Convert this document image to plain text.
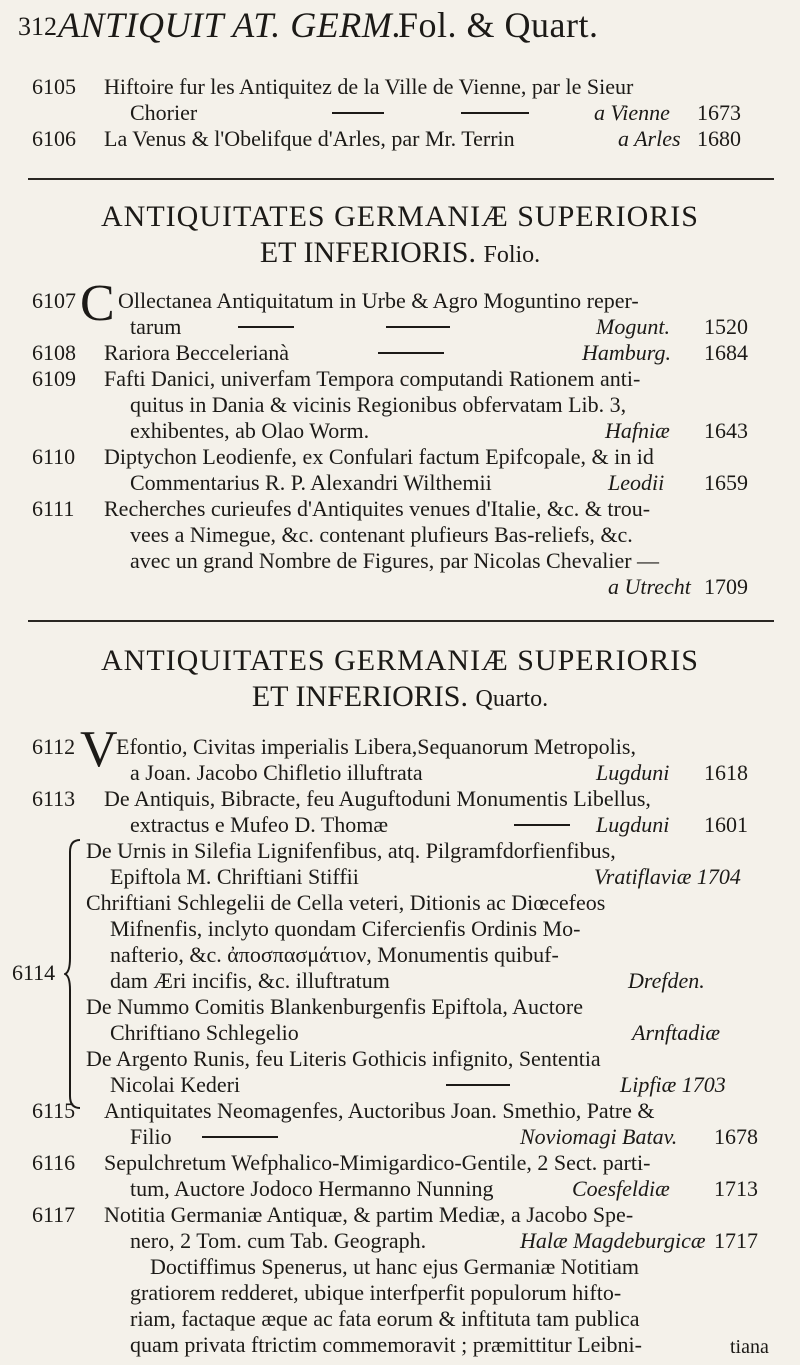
312 ANTIQUIT AT. GERM.
Fol. & Quart.
6105 Hiftoire fur les Antiquitez de la Ville de Vienne, par le Sieur
Chorier	a Vienne 1673
6106 La Venus & l'Obelifque d'Arles, par Mr. Terrin	a Arles 1680
ANTIQUITATES GERMANIÆ SUPERIORIS
ET INFERIORIS. Folio.
6107 C Ollectanea Antiquitatum in Urbe & Agro Moguntino reper-
tarum	Mogunt. 1520
6108 Rariora Beccelerianà	Hamburg. 1684
6109 Fafti Danici, univerfam Tempora computandi Rationem anti-
quitus in Dania & vicinis Regionibus obfervatam Lib. 3,
exhibentes, ab Olao Worm.	Hafniæ 1643
6110 Diptychon Leodienfe, ex Confulari factum Epifcopale, & in id
Commentarius R. P. Alexandri Wilthemii	Leodii 1659
6111 Recherches curieufes d'Antiquites venues d'Italie, &c. & trou-
vees a Nimegue, &c. contenant plufieurs Bas-reliefs, &c.
avec un grand Nombre de Figures, par Nicolas Chevalier —
a Utrecht 1709
ANTIQUITATES GERMANIÆ SUPERIORIS
ET INFERIORIS. Quarto.
6112 V
Efontio, Civitas imperialis Libera,Sequanorum Metropolis,
a Joan. Jacobo Chifletio illuftrata	Lugduni 1618
6113 De Antiquis, Bibracte, feu Auguftoduni Monumentis Libellus,
extractus e Mufeo D. Thomæ	Lugduni 1601
6114
De Urnis in Silefia Lignifenfibus, atq. Pilgramfdorfienfibus,
Epiftola M. Chriftiani Stiffii	Vratiflaviæ 1704
Chriftiani Schlegelii de Cella veteri, Ditionis ac Diœcefeos
Mifnenfis, inclyto quondam Cifercienfis Ordinis Mo-
nafterio, &c. ἀποσπασμάτιον, Monumentis quibuf-
dam Æri incifis, &c. illuftratum	Drefden.
De Nummo Comitis Blankenburgenfis Epiftola, Auctore
Chriftiano Schlegelio	Arnftadiæ
De Argento Runis, feu Literis Gothicis infignito, Sententia
Nicolai Kederi	Lipfiæ 1703
6115 Antiquitates Neomagenfes, Auctoribus Joan. Smethio, Patre &
Filio	Noviomagi Batav. 1678
6116 Sepulchretum Wefphalico-Mimigardico-Gentile, 2 Sect. parti-
tum, Auctore Jodoco Hermanno Nunning	Coesfeldiæ 1713
6117 Notitia Germaniæ Antiquæ, & partim Mediæ, a Jacobo Spe-
nero, 2 Tom. cum Tab. Geograph.	Halæ Magdeburgicæ 1717
Doctiffimus Spenerus, ut hanc ejus Germaniæ Notitiam
gratiorem redderet, ubique interfperfit populorum hifto-
riam, factaque æque ac fata eorum & inftituta tam publica
quam privata ftrictim commemoravit ; præmittitur Leibni-	tiana
